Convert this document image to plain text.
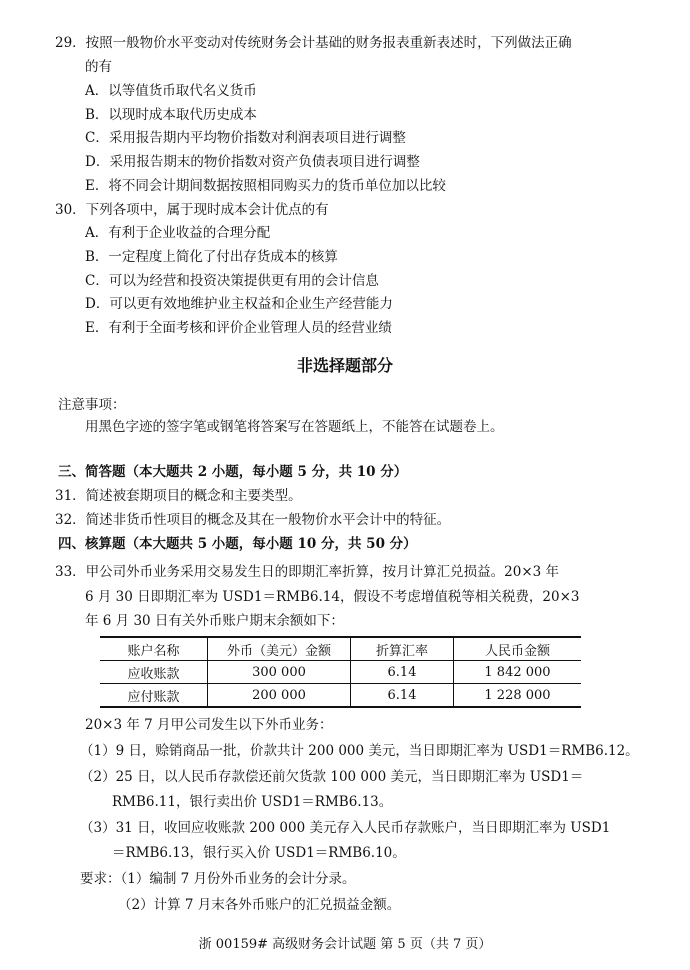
29．按照一般物价水平变动对传统财务会计基础的财务报表重新表述时，下列做法正确
的有
A．以等值货币取代名义货币
B．以现时成本取代历史成本
C．采用报告期内平均物价指数对利润表项目进行调整
D．采用报告期末的物价指数对资产负债表项目进行调整
E．将不同会计期间数据按照相同购买力的货币单位加以比较
30．下列各项中，属于现时成本会计优点的有
A．有利于企业收益的合理分配
B．一定程度上简化了付出存货成本的核算
C．可以为经营和投资决策提供更有用的会计信息
D．可以更有效地维护业主权益和企业生产经营能力
E．有利于全面考核和评价企业管理人员的经营业绩
非选择题部分
注意事项：
用黑色字迹的签字笔或钢笔将答案写在答题纸上，不能答在试题卷上。
三、简答题（本大题共 2 小题，每小题 5 分，共 10 分）
31．简述被套期项目的概念和主要类型。
32．简述非货币性项目的概念及其在一般物价水平会计中的特征。
四、核算题（本大题共 5 小题，每小题 10 分，共 50 分）
33．甲公司外币业务采用交易发生日的即期汇率折算，按月计算汇兑损益。20×3 年
6 月 30 日即期汇率为 USD1＝RMB6.14，假设不考虑增值税等相关税费，20×3
年 6 月 30 日有关外币账户期末余额如下：
账户名称	外币（美元）金额	折算汇率	人民币金额
应收账款	300 000	6.14	1 842 000
应付账款	200 000	6.14	1 228 000
20×3 年 7 月甲公司发生以下外币业务：
（1）9 日，赊销商品一批，价款共计 200 000 美元，当日即期汇率为 USD1＝RMB6.12。
（2）25 日，以人民币存款偿还前欠货款 100 000 美元，当日即期汇率为 USD1＝
RMB6.11，银行卖出价 USD1＝RMB6.13。
（3）31 日，收回应收账款 200 000 美元存入人民币存款账户，当日即期汇率为 USD1
＝RMB6.13，银行买入价 USD1＝RMB6.10。
要求：（1）编制 7 月份外币业务的会计分录。
（2）计算 7 月末各外币账户的汇兑损益金额。
浙 00159# 高级财务会计试题 第 5 页（共 7 页）
